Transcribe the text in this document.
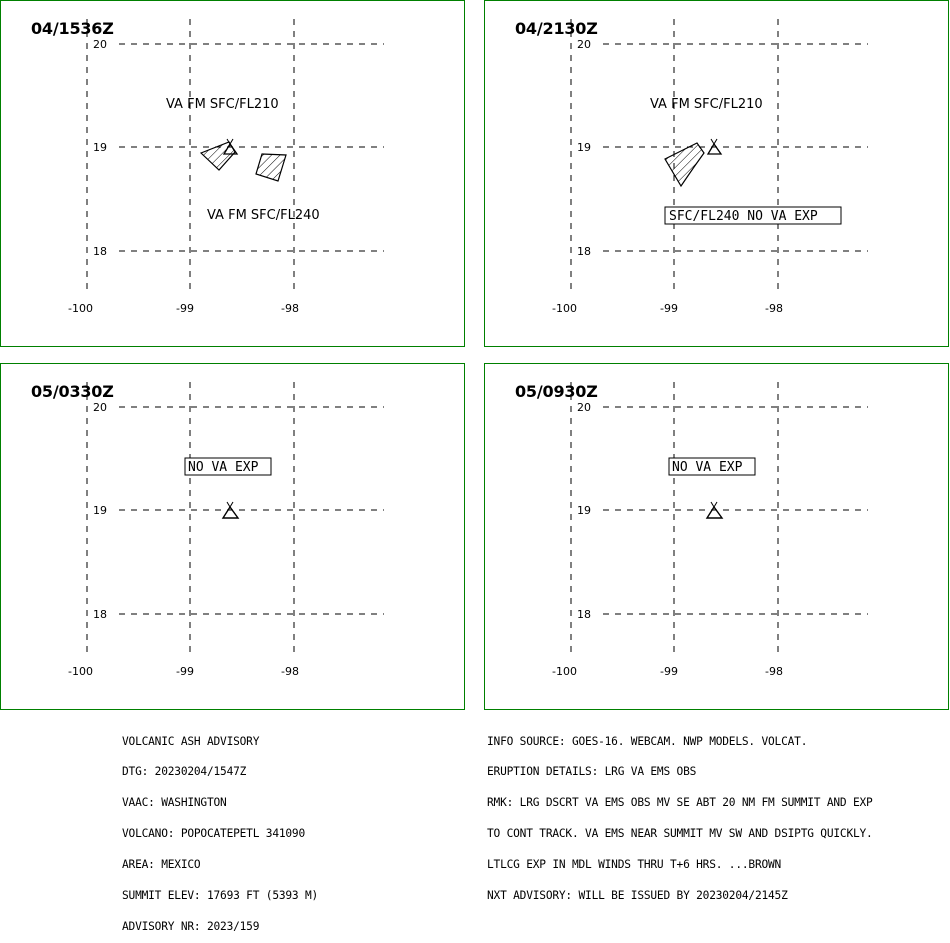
04/1536Z
20
19
18
-100	-99	-98
VA FM SFC/FL210
VA FM SFC/FL240
04/2130Z
20
19
18
-100	-99	-98
VA FM SFC/FL210
SFC/FL240 NO VA EXP
05/0330Z
20
19
18
-100	-99	-98
NO VA EXP
05/0930Z
20
19
18
-100	-99	-98
NO VA EXP

VOLCANIC ASH ADVISORY

DTG: 20230204/1547Z

VAAC: WASHINGTON

VOLCANO: POPOCATEPETL 341090

AREA: MEXICO

SUMMIT ELEV: 17693 FT (5393 M)

ADVISORY NR: 2023/159

INFO SOURCE: GOES-16. WEBCAM. NWP MODELS. VOLCAT.

ERUPTION DETAILS: LRG VA EMS OBS

RMK: LRG DSCRT VA EMS OBS MV SE ABT 20 NM FM SUMMIT AND EXP

TO CONT TRACK. VA EMS NEAR SUMMIT MV SW AND DSIPTG QUICKLY.

LTLCG EXP IN MDL WINDS THRU T+6 HRS. ...BROWN

NXT ADVISORY: WILL BE ISSUED BY 20230204/2145Z
